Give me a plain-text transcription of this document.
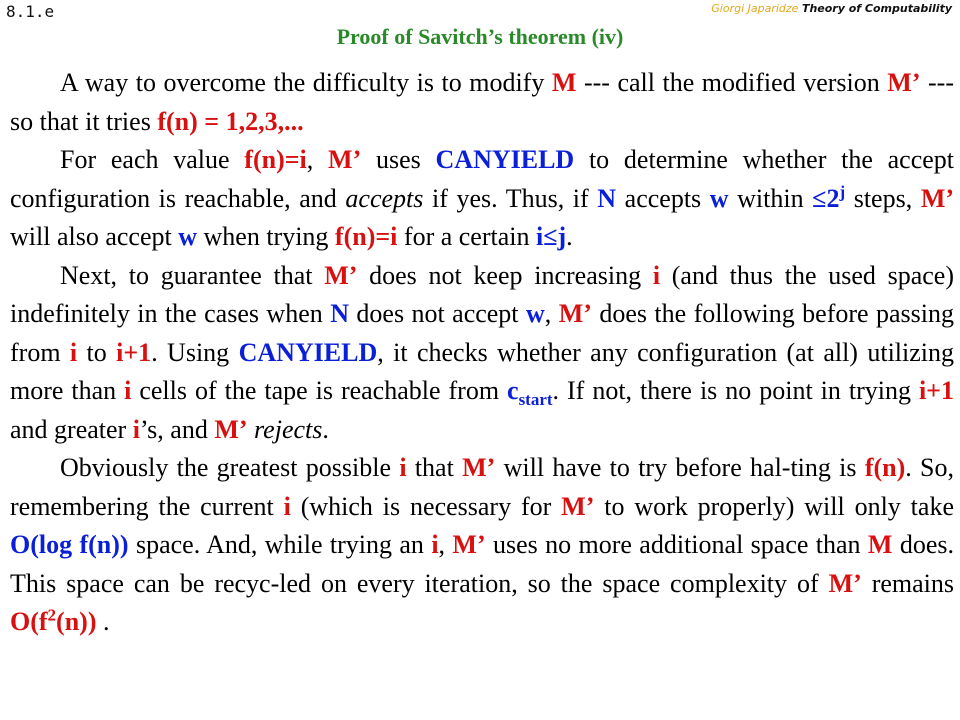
8.1.e	Giorgi Japaridze Theory of Computability
Proof of Savitch’s theorem (iv)

A way to overcome the difficulty is to modify M --- call the modified version M’ --- so that it tries f(n) = 1,2,3,...

For each value f(n)=i, M’ uses CANYIELD to determine whether the accept configuration is reachable, and accepts if yes. Thus, if N accepts w within $\le 2^j$ steps, M’ will also accept w when trying f(n)=i for a certain i≤j.

Next, to guarantee that M’ does not keep increasing i (and thus the used space) indefinitely in the cases when N does not accept w, M’ does the following before passing from i to i+1. Using CANYIELD, it checks whether any configuration (at all) utilizing more than i cells of the tape is reachable from $c_{start}$. If not, there is no point in trying i+1 and greater i’s, and M’ rejects.

Obviously the greatest possible i that M’ will have to try before hal-ting is f(n). So, remembering the current i (which is necessary for M’ to work properly) will only take O(log f(n)) space. And, while trying an i, M’ uses no more additional space than M does. This space can be recyc-led on every iteration, so the space complexity of M’ remains $O(f^2(n))$ .
